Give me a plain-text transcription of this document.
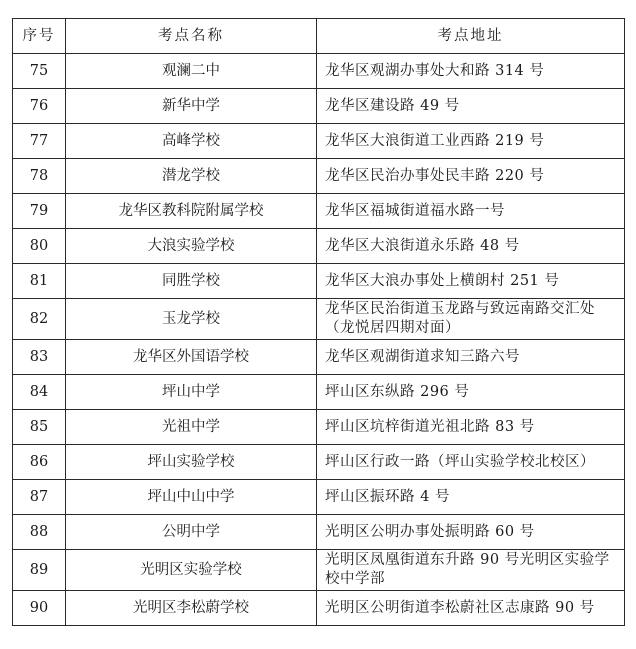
序号	考点名称	考点地址
75	观澜二中	龙华区观湖办事处大和路 314 号
76	新华中学	龙华区建设路 49 号
77	高峰学校	龙华区大浪街道工业西路 219 号
78	潜龙学校	龙华区民治办事处民丰路 220 号
79	龙华区教科院附属学校	龙华区福城街道福水路一号
80	大浪实验学校	龙华区大浪街道永乐路 48 号
81	同胜学校	龙华区大浪办事处上横朗村 251 号
82	玉龙学校	龙华区民治街道玉龙路与致远南路交汇处（龙悦居四期对面）
83	龙华区外国语学校	龙华区观湖街道求知三路六号
84	坪山中学	坪山区东纵路 296 号
85	光祖中学	坪山区坑梓街道光祖北路 83 号
86	坪山实验学校	坪山区行政一路（坪山实验学校北校区）
87	坪山中山中学	坪山区振环路 4 号
88	公明中学	光明区公明办事处振明路 60 号
89	光明区实验学校	光明区凤凰街道东升路 90 号光明区实验学校中学部
90	光明区李松蔚学校	光明区公明街道李松蔚社区志康路 90 号
